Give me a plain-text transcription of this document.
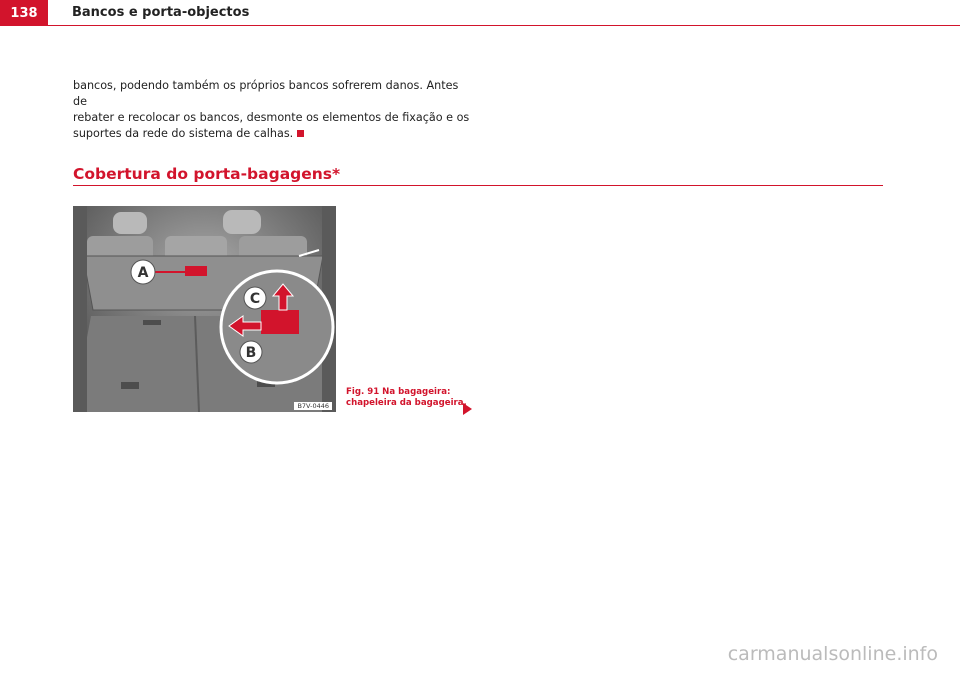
138	Bancos e porta-objectos

bancos, podendo também os próprios bancos sofrerem danos. Antes de
rebater e recolocar os bancos, desmonte os elementos de fixação e os
suportes da rede do sistema de calhas.

Cobertura do porta-bagagens*
A
B
C
B7V-0446
Fig. 91 Na bagageira:
chapeleira da bagageira.
carmanualsonline.info
